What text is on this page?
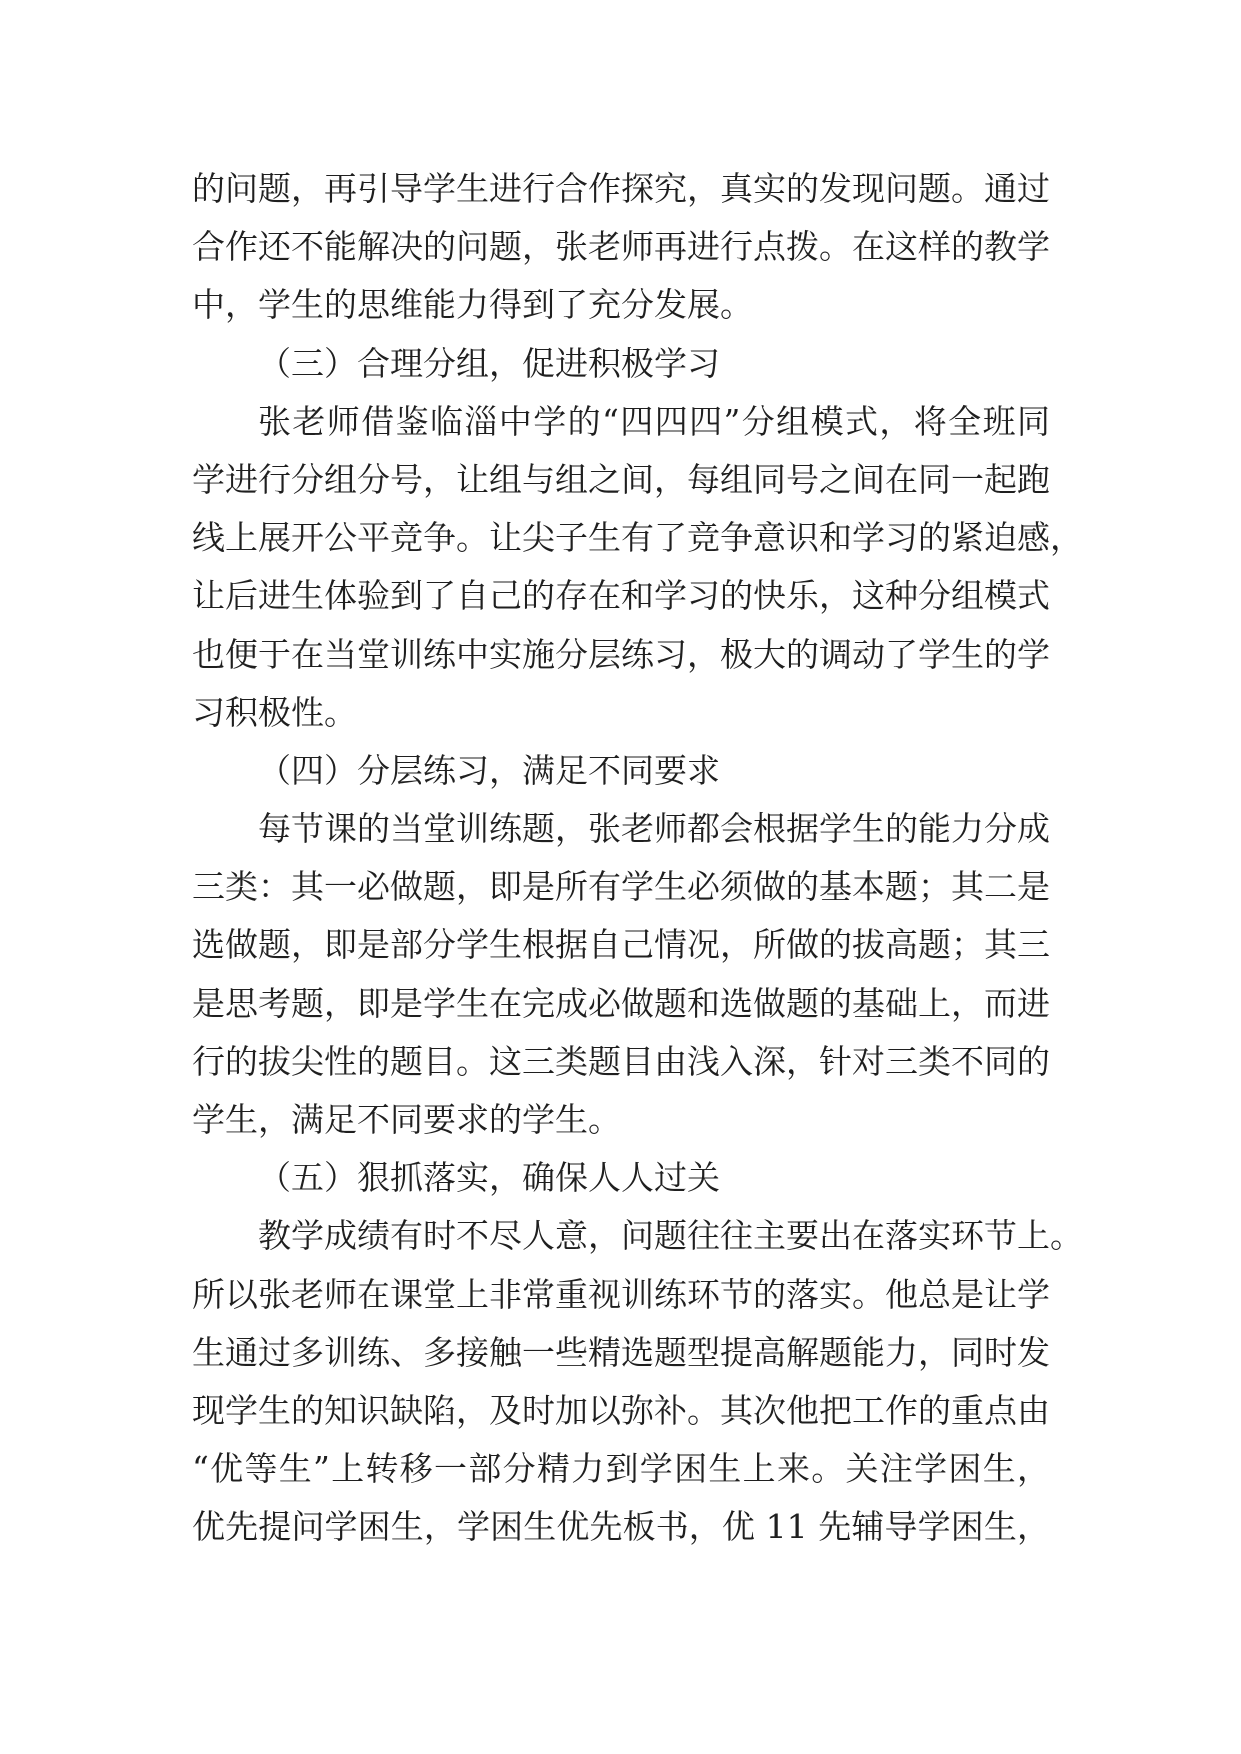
的问题，再引导学生进行合作探究，真实的发现问题。通过
合作还不能解决的问题，张老师再进行点拨。在这样的教学
中，学生的思维能力得到了充分发展。
（三）合理分组，促进积极学习
张老师借鉴临淄中学的“四四四”分组模式，将全班同
学进行分组分号，让组与组之间，每组同号之间在同一起跑
线上展开公平竞争。让尖子生有了竞争意识和学习的紧迫感，
让后进生体验到了自己的存在和学习的快乐，这种分组模式
也便于在当堂训练中实施分层练习，极大的调动了学生的学
习积极性。
（四）分层练习，满足不同要求
每节课的当堂训练题，张老师都会根据学生的能力分成
三类：其一必做题，即是所有学生必须做的基本题；其二是
选做题，即是部分学生根据自己情况，所做的拔高题；其三
是思考题，即是学生在完成必做题和选做题的基础上，而进
行的拔尖性的题目。这三类题目由浅入深，针对三类不同的
学生，满足不同要求的学生。
（五）狠抓落实，确保人人过关
教学成绩有时不尽人意，问题往往主要出在落实环节上。
所以张老师在课堂上非常重视训练环节的落实。他总是让学
生通过多训练、多接触一些精选题型提高解题能力，同时发
现学生的知识缺陷，及时加以弥补。其次他把工作的重点由
“优等生”上转移一部分精力到学困生上来。关注学困生，
优先提问学困生，学困生优先板书，优 11 先辅导学困生，
